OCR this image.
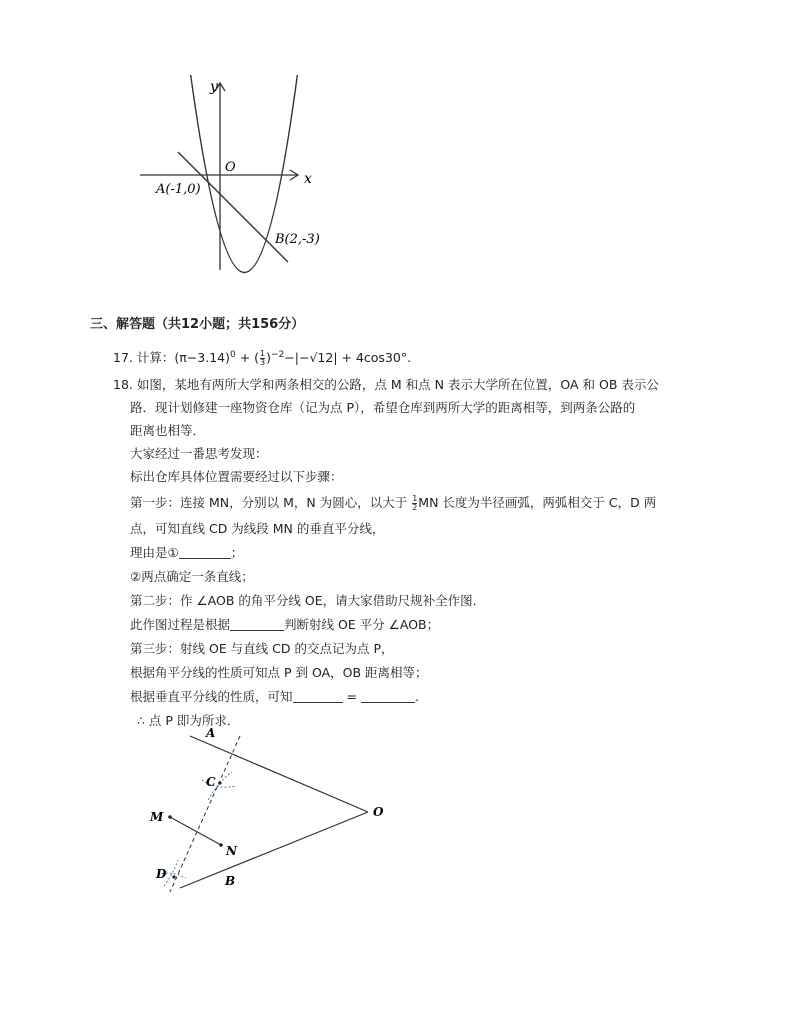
y
x
O
A(-1,0)
B(2,-3)
三、解答题（共12小题；共156分）
17. 计算：$(\pi-3.14)^0$ + ( $\frac{1}{3} )^{-2}-|-√12| + 4\cos 30^\circ$.
18. 如图，某地有两所大学和两条相交的公路，点 M 和点 N 表示大学所在位置，OA 和 OB 表示公
路．现计划修建一座物资仓库（记为点 P），希望仓库到两所大学的距离相等，到两条公路的
距离也相等．
大家经过一番思考发现：
标出仓库具体位置需要经过以下步骤：
第一步：连接 MN，分别以 M，N 为圆心，以大于 $\frac{1}{2}$ MN 长度为半径画弧，两弧相交于 C，D 两
点，可知直线 CD 为线段 MN 的垂直平分线，
理由是①	；
②两点确定一条直线；
第二步：作 ∠AOB 的角平分线 OE，请大家借助尺规补全作图．
此作图过程是根据	判断射线 OE 平分 ∠AOB；
第三步：射线 OE 与直线 CD 的交点记为点 P，
根据角平分线的性质可知点 P 到 OA，OB 距离相等；
根据垂直平分线的性质，可知	=	.
∴ 点 P 即为所求．
A
B
O
C
D
M
N
